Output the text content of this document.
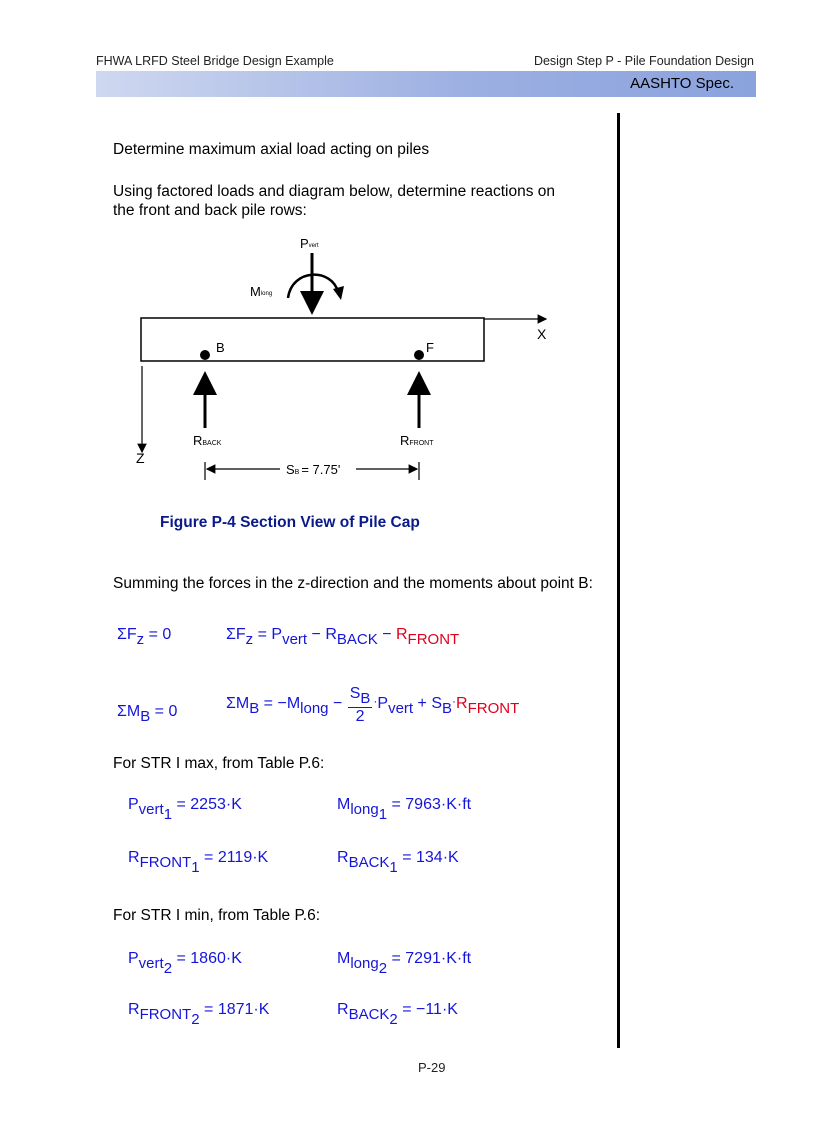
FHWA LRFD Steel Bridge Design Example	Design Step P - Pile Foundation Design
AASHTO Spec.
Determine maximum axial load acting on piles
Using factored loads and diagram below, determine reactions on
the front and back pile rows:
Pvert
Mlong
X
Z
B	F
RBACK	RFRONT
SB = 7.75'
Figure P-4 Section View of Pile Cap
Summing the forces in the z-direction and the moments about point B:
$\Sigma F_z = 0$	$\Sigma F_z = P_{vert} - R_{BACK} - R_{FRONT}$
$\Sigma M_B = 0$	$\Sigma M_B = -M_{long} - \frac{S_B}{2} \cdot P_{vert} + S_B\cdot R_{FRONT}$
For STR I max, from Table P.6:
$P_{vert_1} = 2253\cdot K$	$M_{long_1} = 7963\cdot K\cdot ft$
$R_{FRONT_1} = 2119\cdot K$	$R_{BACK_1} = 134\cdot K$
For STR I min, from Table P.6:
$P_{vert_2} = 1860\cdot K$	$M_{long_2} = 7291\cdot K\cdot ft$
$R_{FRONT_2} = 1871\cdot K$	$R_{BACK_2} = -11\cdot K$
P-29
